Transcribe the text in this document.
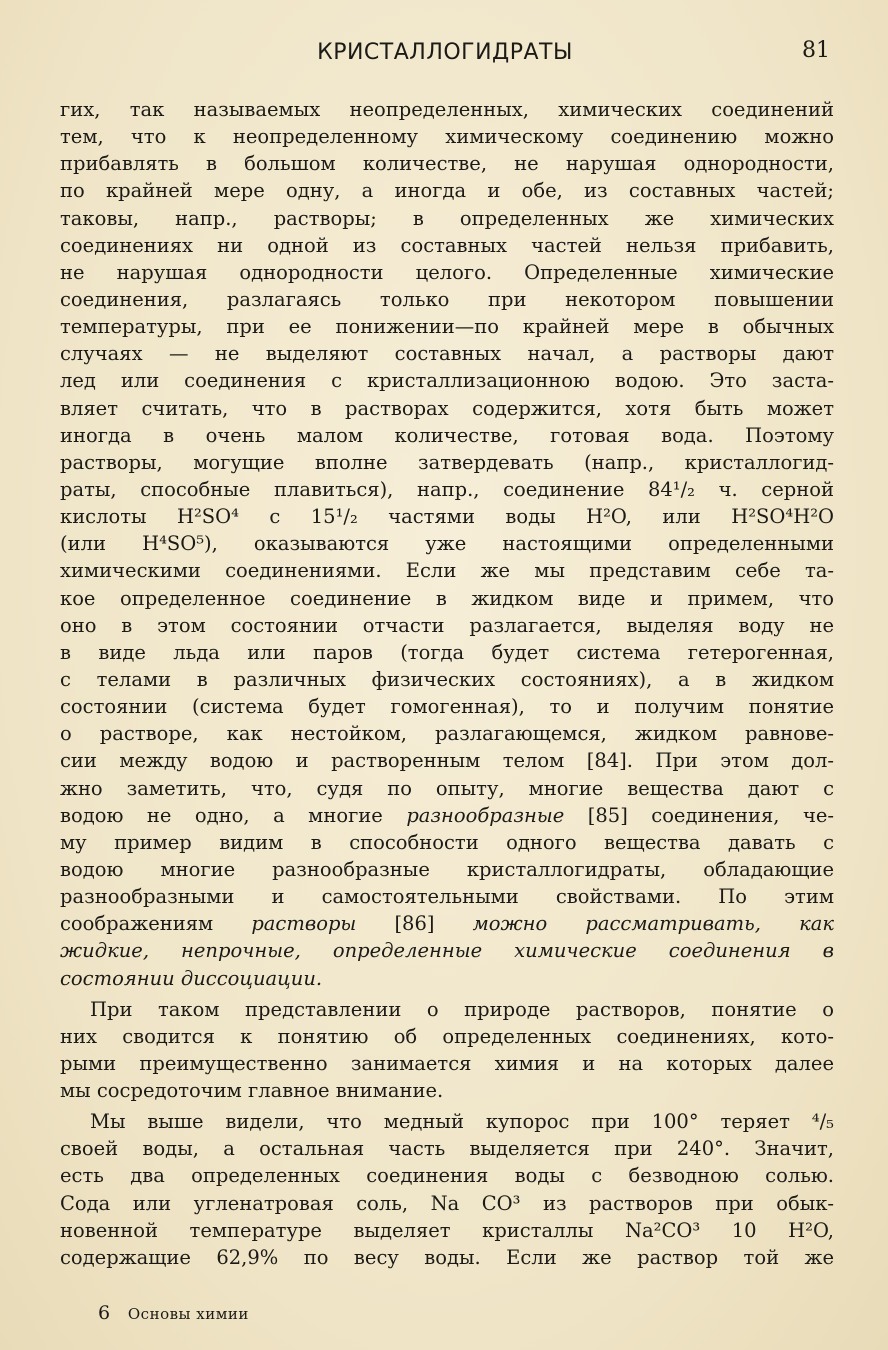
КРИСТАЛЛОГИДРАТЫ	81
гих, так называемых неопределенных, химических соединений
тем, что к неопределенному химическому соединению можно
прибавлять в большом количестве, не нарушая однородности,
по крайней мере одну, а иногда и обе, из составных частей;
таковы, напр., растворы; в определенных же химических
соединениях ни одной из составных частей нельзя прибавить,
не нарушая однородности целого. Определенные химические
соединения, разлагаясь только при некотором повышении
температуры, при ее понижении—по крайней мере в обычных
случаях — не выделяют составных начал, а растворы дают
лед или соединения с кристаллизационною водою. Это заста-
вляет считать, что в растворах содержится, хотя быть может
иногда в очень малом количестве, готовая вода. Поэтому
растворы, могущие вполне затвердевать (напр., кристаллогид-
раты, способные плавиться), напр., соединение 84¹/₂ ч. серной
кислоты H²SO⁴ с 15¹/₂ частями воды H²O, или H²SO⁴H²O
(или H⁴SO⁵), оказываются уже настоящими определенными
химическими соединениями. Если же мы представим себе та-
кое определенное соединение в жидком виде и примем, что
оно в этом состоянии отчасти разлагается, выделяя воду не
в виде льда или паров (тогда будет система гетерогенная,
с телами в различных физических состояниях), а в жидком
состоянии (система будет гомогенная), то и получим понятие
о растворе, как нестойком, разлагающемся, жидком равнове-
сии между водою и растворенным телом [84]. При этом дол-
жно заметить, что, судя по опыту, многие вещества дают с
водою не одно, а многие разнообразные [85] соединения, че-
му пример видим в способности одного вещества давать с
водою многие разнообразные кристаллогидраты, обладающие
разнообразными и самостоятельными свойствами. По этим
соображениям растворы [86] можно рассматривать, как
жидкие, непрочные, определенные химические соединения в
состоянии диссоциации.
При таком представлении о природе растворов, понятие о
них сводится к понятию об определенных соединениях, кото-
рыми преимущественно занимается химия и на которых далее
мы сосредоточим главное внимание.
Мы выше видели, что медный купорос при 100° теряет ⁴/₅
своей воды, а остальная часть выделяется при 240°. Значит,
есть два определенных соединения воды с безводною солью.
Сода или угленатровая соль, Na CO³ из растворов при обык-
новенной температуре выделяет кристаллы Na²CO³ 10 H²O,
содержащие 62,9% по весу воды. Если же раствор той же
6 Основы химии
